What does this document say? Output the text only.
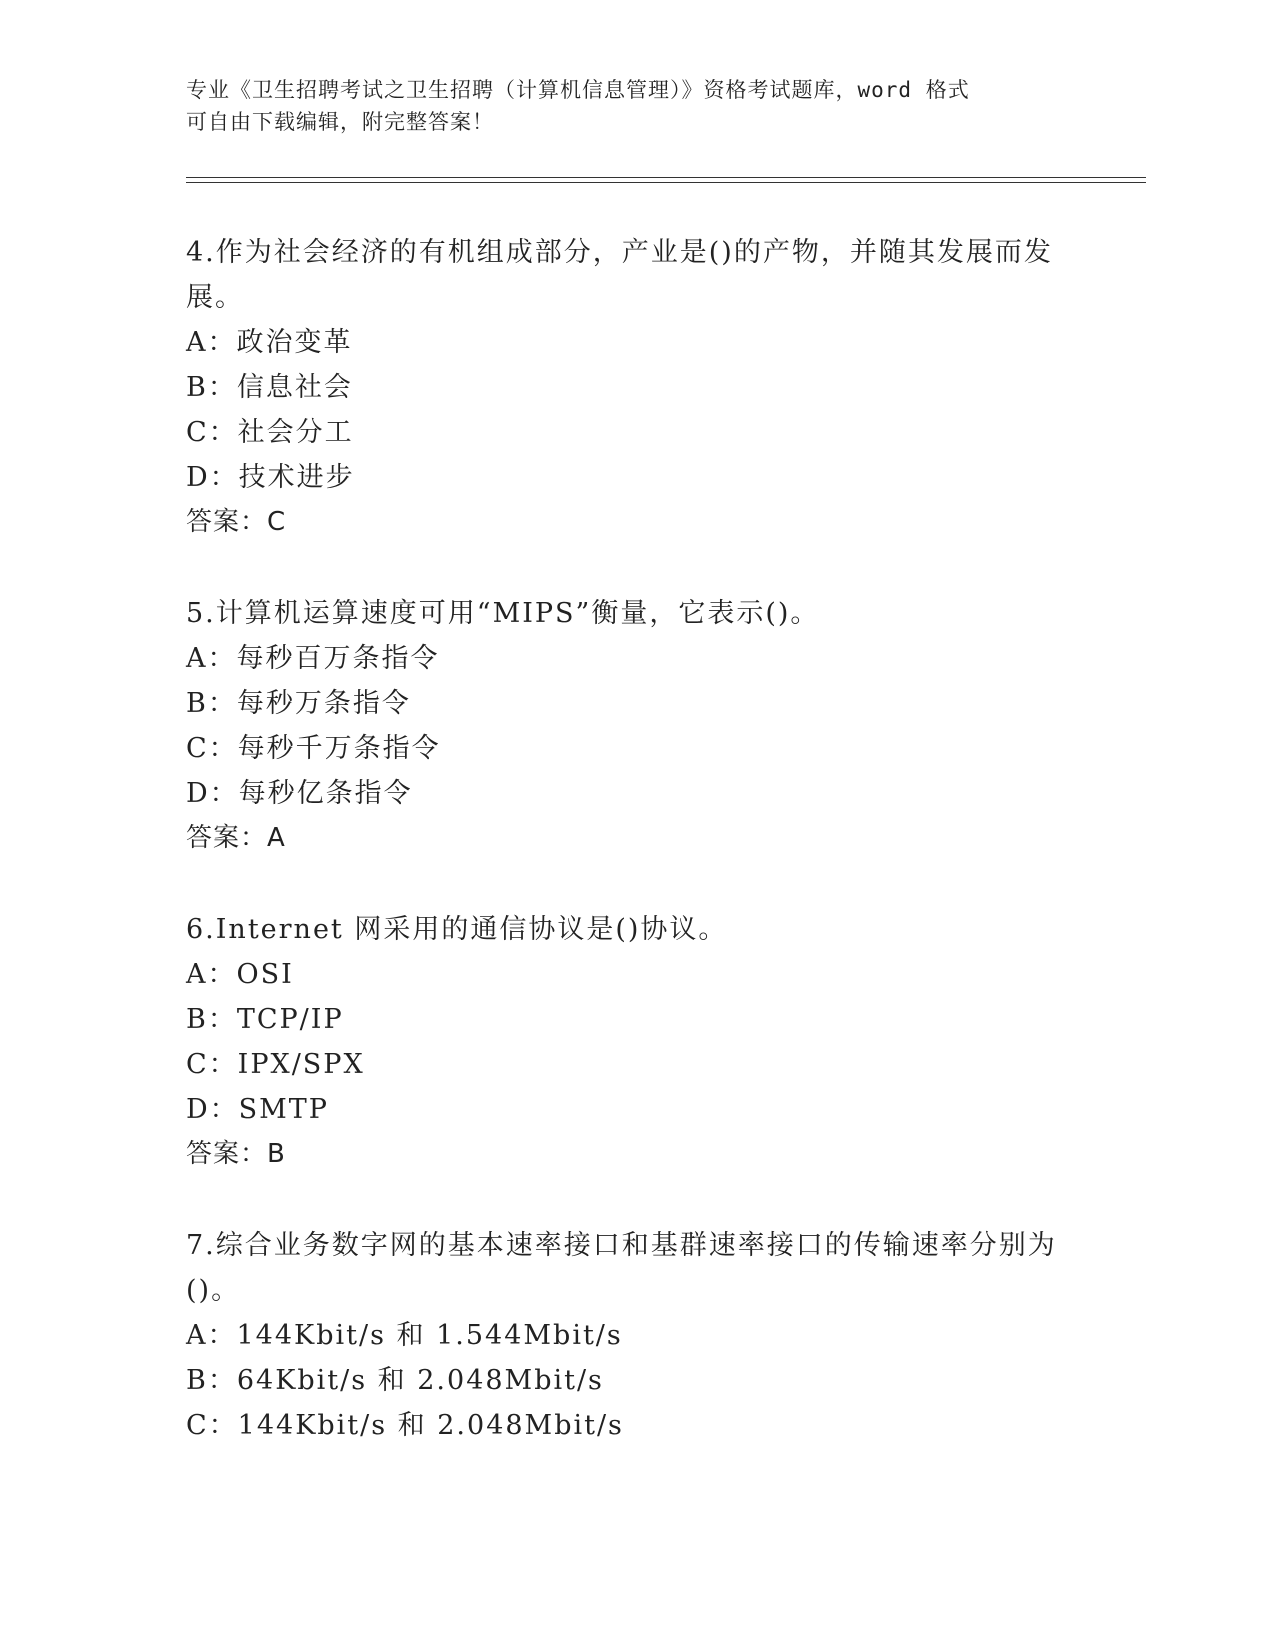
专业《卫生招聘考试之卫生招聘（计算机信息管理）》资格考试题库，word 格式
可自由下载编辑，附完整答案！
4.作为社会经济的有机组成部分，产业是()的产物，并随其发展而发展。
A：政治变革
B：信息社会
C：社会分工
D：技术进步
答案：C
5.计算机运算速度可用“MIPS”衡量，它表示()。
A：每秒百万条指令
B：每秒万条指令
C：每秒千万条指令
D：每秒亿条指令
答案：A
6.Internet 网采用的通信协议是()协议。
A：OSI
B：TCP/IP
C：IPX/SPX
D：SMTP
答案：B
7.综合业务数字网的基本速率接口和基群速率接口的传输速率分别为()。
A：144Kbit/s 和 1.544Mbit/s
B：64Kbit/s 和 2.048Mbit/s
C：144Kbit/s 和 2.048Mbit/s
